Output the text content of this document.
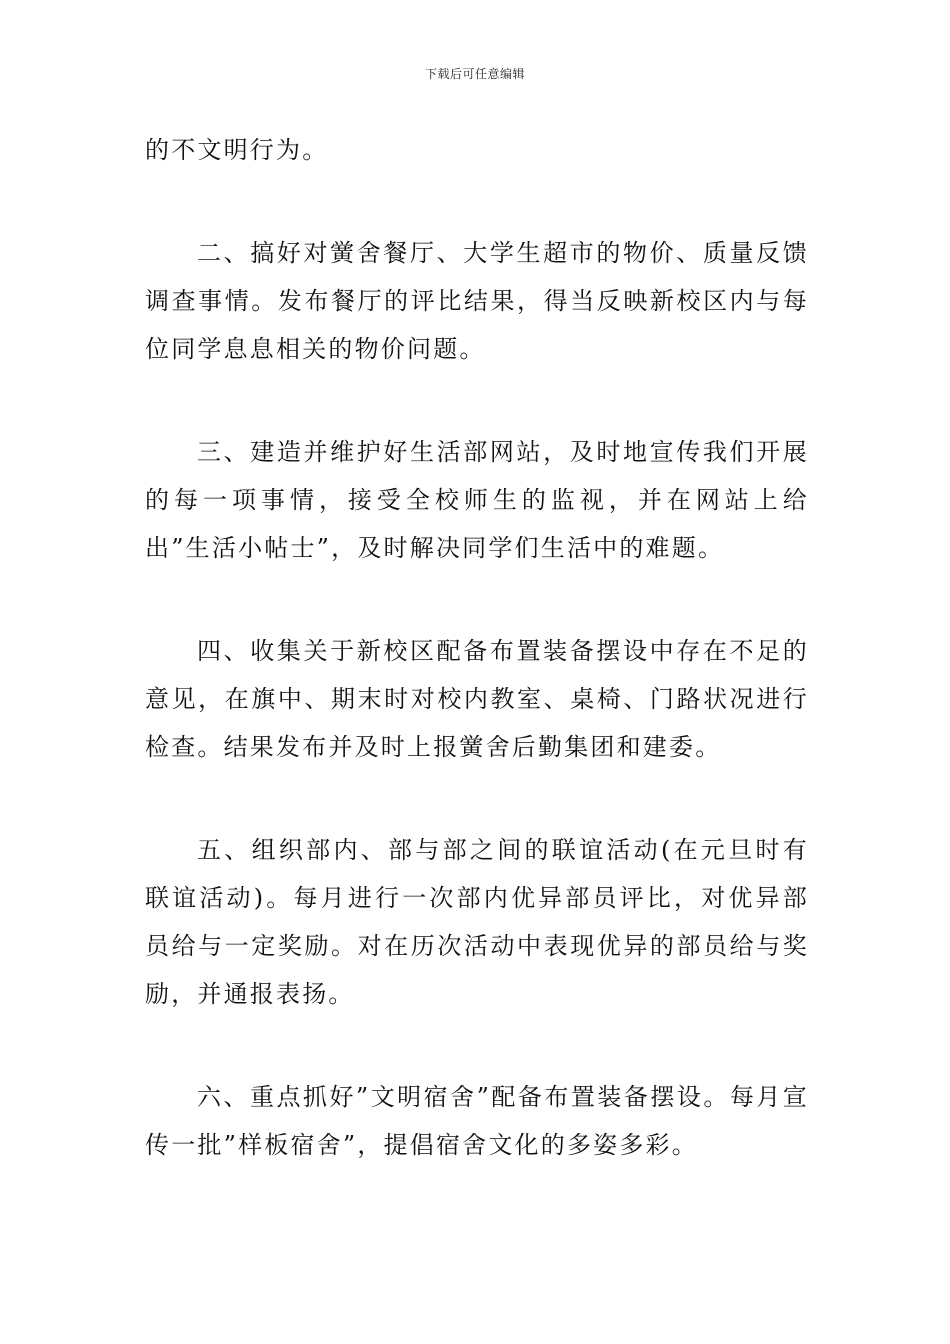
下载后可任意编辑

的不文明行为。

二、搞好对黉舍餐厅、大学生超市的物价、质量反馈调查事情。发布餐厅的评比结果，得当反映新校区内与每位同学息息相关的物价问题。

三、建造并维护好生活部网站，及时地宣传我们开展的每一项事情，接受全校师生的监视，并在网站上给出”生活小帖士”，及时解决同学们生活中的难题。

四、收集关于新校区配备布置装备摆设中存在不足的意见，在旗中、期末时对校内教室、桌椅、门路状况进行检查。结果发布并及时上报黉舍后勤集团和建委。

五、组织部内、部与部之间的联谊活动(在元旦时有联谊活动)。每月进行一次部内优异部员评比，对优异部员给与一定奖励。对在历次活动中表现优异的部员给与奖励，并通报表扬。

六、重点抓好”文明宿舍”配备布置装备摆设。每月宣传一批”样板宿舍”，提倡宿舍文化的多姿多彩。
